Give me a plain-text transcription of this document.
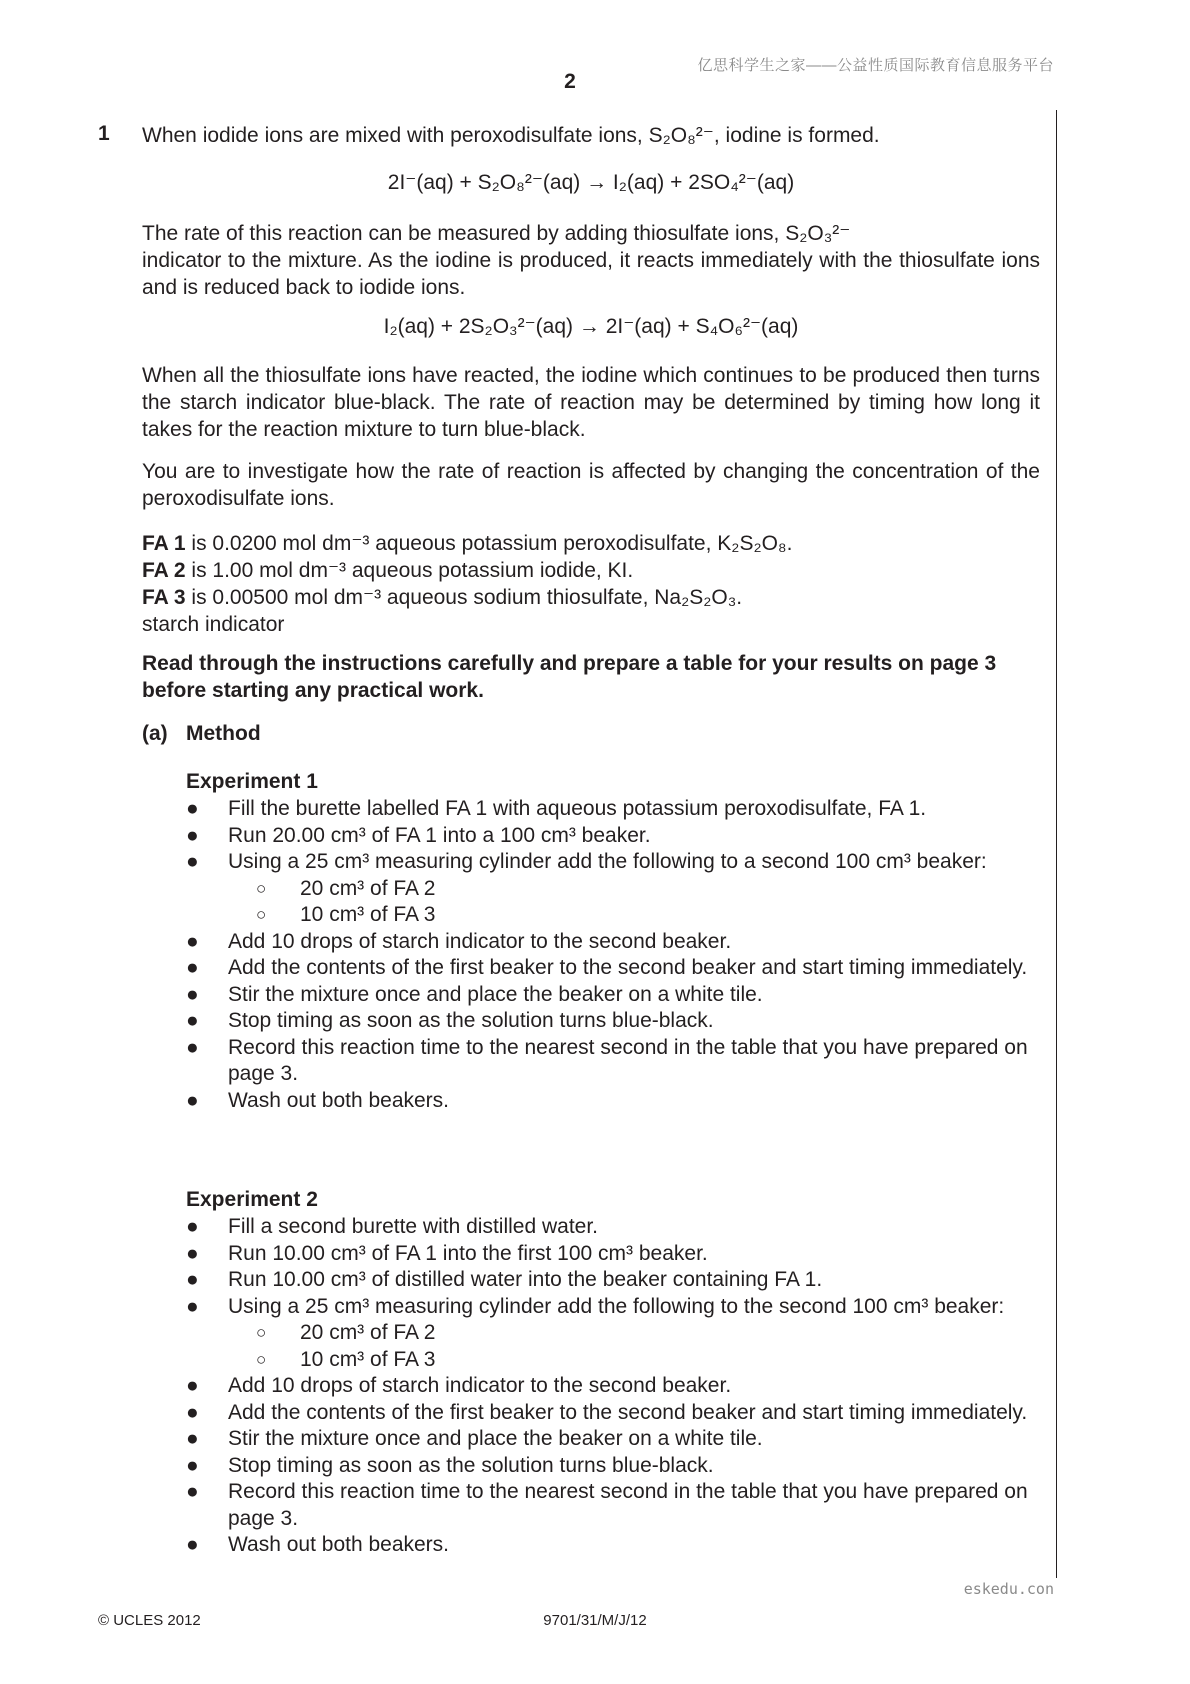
亿思科学生之家——公益性质国际教育信息服务平台
2
1 When iodide ions are mixed with peroxodisulfate ions, S₂O₈²⁻, iodine is formed.
2I⁻(aq) + S₂O₈²⁻(aq) → I₂(aq) + 2SO₄²⁻(aq)

The rate of this reaction can be measured by adding thiosulfate ions, S₂O₃²⁻

indicator to the mixture. As the iodine is produced, it reacts immediately with the thiosulfate ions and is reduced back to iodide ions.

I₂(aq) + 2S₂O₃²⁻(aq) → 2I⁻(aq) + S₄O₆²⁻(aq)

When all the thiosulfate ions have reacted, the iodine which continues to be produced then turns the starch indicator blue-black. The rate of reaction may be determined by timing how long it takes for the reaction mixture to turn blue-black.

You are to investigate how the rate of reaction is affected by changing the concentration of the peroxodisulfate ions.

FA 1 is 0.0200 mol dm⁻³ aqueous potassium peroxodisulfate, K₂S₂O₈.
FA 2 is 1.00 mol dm⁻³ aqueous potassium iodide, KI.
FA 3 is 0.00500 mol dm⁻³ aqueous sodium thiosulfate, Na₂S₂O₃.
starch indicator
Read through the instructions carefully and prepare a table for your results on page 3 before starting any practical work.
(a) Method
Experiment 1
● Fill the burette labelled FA 1 with aqueous potassium peroxodisulfate, FA 1.
● Run 20.00 cm³ of FA 1 into a 100 cm³ beaker.
● Using a 25 cm³ measuring cylinder add the following to a second 100 cm³ beaker:
○ 20 cm³ of FA 2
○ 10 cm³ of FA 3
● Add 10 drops of starch indicator to the second beaker.
● Add the contents of the first beaker to the second beaker and start timing immediately.
● Stir the mixture once and place the beaker on a white tile.
● Stop timing as soon as the solution turns blue-black.
● Record this reaction time to the nearest second in the table that you have prepared on page 3.
● Wash out both beakers.
Experiment 2
● Fill a second burette with distilled water.
● Run 10.00 cm³ of FA 1 into the first 100 cm³ beaker.
● Run 10.00 cm³ of distilled water into the beaker containing FA 1.
● Using a 25 cm³ measuring cylinder add the following to the second 100 cm³ beaker:
○ 20 cm³ of FA 2
○ 10 cm³ of FA 3
● Add 10 drops of starch indicator to the second beaker.
● Add the contents of the first beaker to the second beaker and start timing immediately.
● Stir the mixture once and place the beaker on a white tile.
● Stop timing as soon as the solution turns blue-black.
● Record this reaction time to the nearest second in the table that you have prepared on page 3.
● Wash out both beakers.
eskedu.con
© UCLES 2012	9701/31/M/J/12
